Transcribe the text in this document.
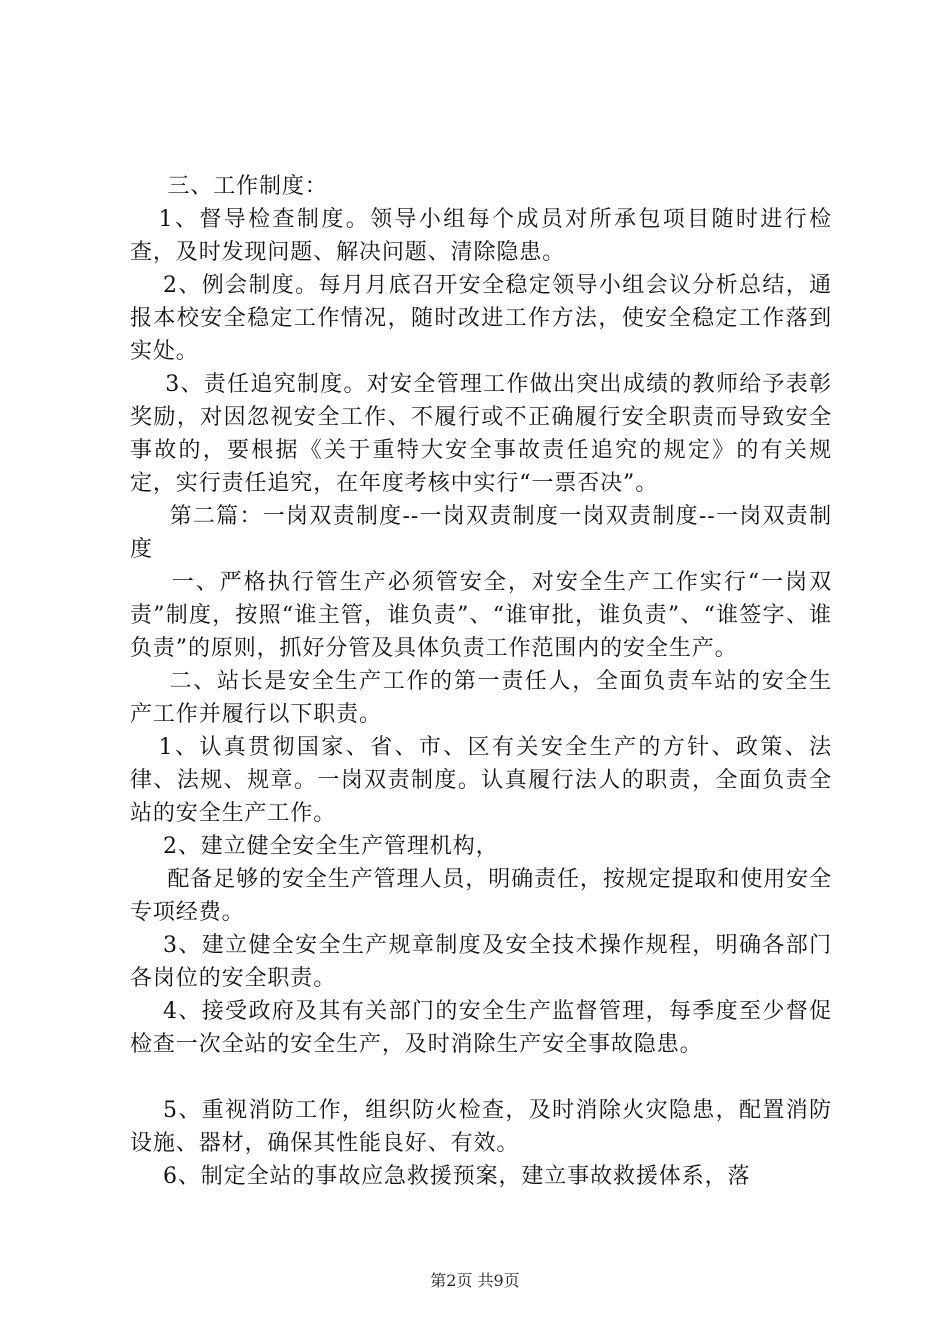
三、工作制度：

1、督导检查制度。领导小组每个成员对所承包项目随时进行检查，及时发现问题、解决问题、清除隐患。

2、例会制度。每月月底召开安全稳定领导小组会议分析总结，通报本校安全稳定工作情况，随时改进工作方法，使安全稳定工作落到实处。

3、责任追究制度。对安全管理工作做出突出成绩的教师给予表彰奖励，对因忽视安全工作、不履行或不正确履行安全职责而导致安全事故的，要根据《关于重特大安全事故责任追究的规定》的有关规定，实行责任追究，在年度考核中实行“一票否决”。

第二篇：一岗双责制度--一岗双责制度一岗双责制度--一岗双责制度

一、严格执行管生产必须管安全，对安全生产工作实行“一岗双责”制度，按照“谁主管，谁负责”、“谁审批，谁负责”、“谁签字、谁负责”的原则，抓好分管及具体负责工作范围内的安全生产。

二、站长是安全生产工作的第一责任人，全面负责车站的安全生产工作并履行以下职责。

1、认真贯彻国家、省、市、区有关安全生产的方针、政策、法律、法规、规章。一岗双责制度。认真履行法人的职责，全面负责全站的安全生产工作。

2、建立健全安全生产管理机构，

配备足够的安全生产管理人员，明确责任，按规定提取和使用安全专项经费。

3、建立健全安全生产规章制度及安全技术操作规程，明确各部门各岗位的安全职责。

4、接受政府及其有关部门的安全生产监督管理，每季度至少督促检查一次全站的安全生产，及时消除生产安全事故隐患。

5、重视消防工作，组织防火检查，及时消除火灾隐患，配置消防设施、器材，确保其性能良好、有效。

6、制定全站的事故应急救援预案，建立事故救援体系，落

第2页 共9页
